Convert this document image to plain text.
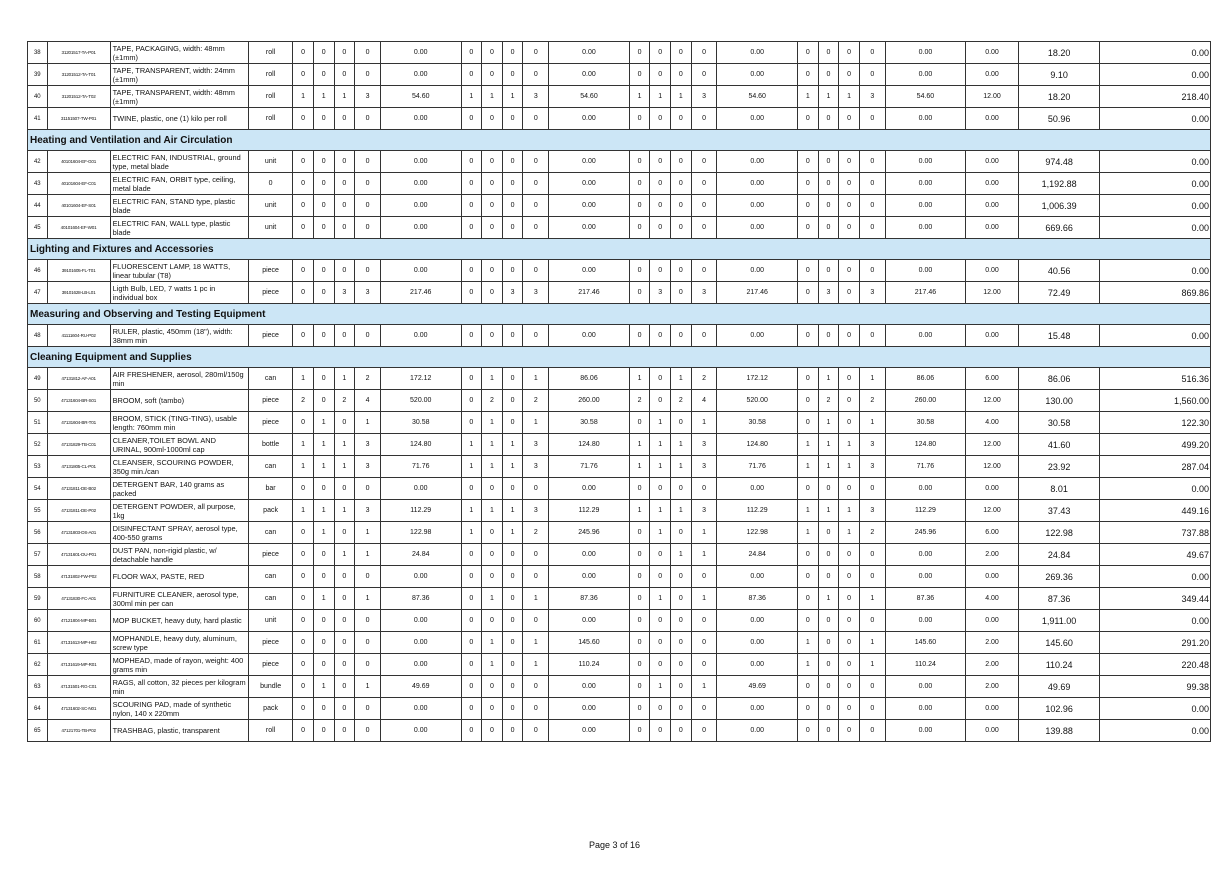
38	31201517-TA-P01	TAPE, PACKAGING, width: 48mm (±1mm)	roll	0	0	0	0	0.00	0	0	0	0	0.00	0	0	0	0	0.00	0	0	0	0	0.00	0.00	18.20	0.00
39	31201512-TA-T01	TAPE, TRANSPARENT, width: 24mm (±1mm)	roll	0	0	0	0	0.00	0	0	0	0	0.00	0	0	0	0	0.00	0	0	0	0	0.00	0.00	9.10	0.00
40	31201512-TA-T02	TAPE, TRANSPARENT, width: 48mm (±1mm)	roll	1	1	1	3	54.60	1	1	1	3	54.60	1	1	1	3	54.60	1	1	1	3	54.60	12.00	18.20	218.40
41	31151507-TW-P01	TWINE, plastic, one (1) kilo per roll	roll	0	0	0	0	0.00	0	0	0	0	0.00	0	0	0	0	0.00	0	0	0	0	0.00	0.00	50.96	0.00
Heating and Ventilation and Air Circulation																										
42	40101604-EF-G01	ELECTRIC FAN, INDUSTRIAL, ground type, metal blade	unit	0	0	0	0	0.00	0	0	0	0	0.00	0	0	0	0	0.00	0	0	0	0	0.00	0.00	974.48	0.00
43	40101604-EF-C01	ELECTRIC FAN, ORBIT type, ceiling, metal blade	0	0	0	0	0	0.00	0	0	0	0	0.00	0	0	0	0	0.00	0	0	0	0	0.00	0.00	1,192.88	0.00
44	40101604-EF-S01	ELECTRIC FAN, STAND type, plastic blade	unit	0	0	0	0	0.00	0	0	0	0	0.00	0	0	0	0	0.00	0	0	0	0	0.00	0.00	1,006.39	0.00
45	40101604-EF-W01	ELECTRIC FAN, WALL type, plastic blade	unit	0	0	0	0	0.00	0	0	0	0	0.00	0	0	0	0	0.00	0	0	0	0	0.00	0.00	669.66	0.00
Lighting and Fixtures and Accessories																										
46	39101605-FL-T01	FLUORESCENT LAMP, 18 WATTS, linear tubular (T8)	piece	0	0	0	0	0.00	0	0	0	0	0.00	0	0	0	0	0.00	0	0	0	0	0.00	0.00	40.56	0.00
47	39101628-LB-L01	Ligth Bulb, LED, 7 watts 1 pc in individual box	piece	0	0	3	3	217.46	0	0	3	3	217.46	0	3	0	3	217.46	0	3	0	3	217.46	12.00	72.49	869.86
Measuring and Observing and Testing Equipment																										
48	41111604-RU-P02	RULER, plastic, 450mm (18"), width: 38mm min	piece	0	0	0	0	0.00	0	0	0	0	0.00	0	0	0	0	0.00	0	0	0	0	0.00	0.00	15.48	0.00
Cleaning Equipment and Supplies																										
49	47131812-AF-A01	AIR FRESHENER, aerosol, 280ml/150g min	can	1	0	1	2	172.12	0	1	0	1	86.06	1	0	1	2	172.12	0	1	0	1	86.06	6.00	86.06	516.36
50	47131604-BR-S01	BROOM, soft (tambo)	piece	2	0	2	4	520.00	0	2	0	2	260.00	2	0	2	4	520.00	0	2	0	2	260.00	12.00	130.00	1,560.00
51	47131604-BR-T01	BROOM, STICK (TING-TING), usable length: 760mm min	piece	0	1	0	1	30.58	0	1	0	1	30.58	0	1	0	1	30.58	0	1	0	1	30.58	4.00	30.58	122.30
52	47131829-TB-C01	CLEANER,TOILET BOWL AND URINAL, 900ml-1000ml cap	bottle	1	1	1	3	124.80	1	1	1	3	124.80	1	1	1	3	124.80	1	1	1	3	124.80	12.00	41.60	499.20
53	47131805-CL-P01	CLEANSER, SCOURING POWDER, 350g min./can	can	1	1	1	3	71.76	1	1	1	3	71.76	1	1	1	3	71.76	1	1	1	3	71.76	12.00	23.92	287.04
54	47131811-DE-B02	DETERGENT BAR, 140 grams as packed	bar	0	0	0	0	0.00	0	0	0	0	0.00	0	0	0	0	0.00	0	0	0	0	0.00	0.00	8.01	0.00
55	47131811-DE-P02	DETERGENT POWDER, all purpose, 1kg	pack	1	1	1	3	112.29	1	1	1	3	112.29	1	1	1	3	112.29	1	1	1	3	112.29	12.00	37.43	449.16
56	47131803-DS-A01	DISINFECTANT SPRAY, aerosol type, 400-550 grams	can	0	1	0	1	122.98	1	0	1	2	245.96	0	1	0	1	122.98	1	0	1	2	245.96	6.00	122.98	737.88
57	47131601-DU-P01	DUST PAN, non-rigid plastic, w/ detachable handle	piece	0	0	1	1	24.84	0	0	0	0	0.00	0	0	1	1	24.84	0	0	0	0	0.00	2.00	24.84	49.67
58	47131802-FW-P02	FLOOR WAX, PASTE, RED	can	0	0	0	0	0.00	0	0	0	0	0.00	0	0	0	0	0.00	0	0	0	0	0.00	0.00	269.36	0.00
59	47131830-FC-A01	FURNITURE CLEANER, aerosol type, 300ml min per can	can	0	1	0	1	87.36	0	1	0	1	87.36	0	1	0	1	87.36	0	1	0	1	87.36	4.00	87.36	349.44
60	47121804-MP-B01	MOP BUCKET, heavy duty, hard plastic	unit	0	0	0	0	0.00	0	0	0	0	0.00	0	0	0	0	0.00	0	0	0	0	0.00	0.00	1,911.00	0.00
61	47131613-MP-H02	MOPHANDLE, heavy duty, aluminum, screw type	piece	0	0	0	0	0.00	0	1	0	1	145.60	0	0	0	0	0.00	1	0	0	1	145.60	2.00	145.60	291.20
62	47131619-MP-R01	MOPHEAD, made of rayon, weight: 400 grams min	piece	0	0	0	0	0.00	0	1	0	1	110.24	0	0	0	0	0.00	1	0	0	1	110.24	2.00	110.24	220.48
63	47131501-RG-C01	RAGS, all cotton, 32 pieces per kilogram min	bundle	0	1	0	1	49.69	0	0	0	0	0.00	0	1	0	1	49.69	0	0	0	0	0.00	2.00	49.69	99.38
64	47131602-SC-N01	SCOURING PAD, made of synthetic nylon, 140 x 220mm	pack	0	0	0	0	0.00	0	0	0	0	0.00	0	0	0	0	0.00	0	0	0	0	0.00	0.00	102.96	0.00
65	47121701-TB-P02	TRASHBAG, plastic, transparent	roll	0	0	0	0	0.00	0	0	0	0	0.00	0	0	0	0	0.00	0	0	0	0	0.00	0.00	139.88	0.00
Page 3 of 16
